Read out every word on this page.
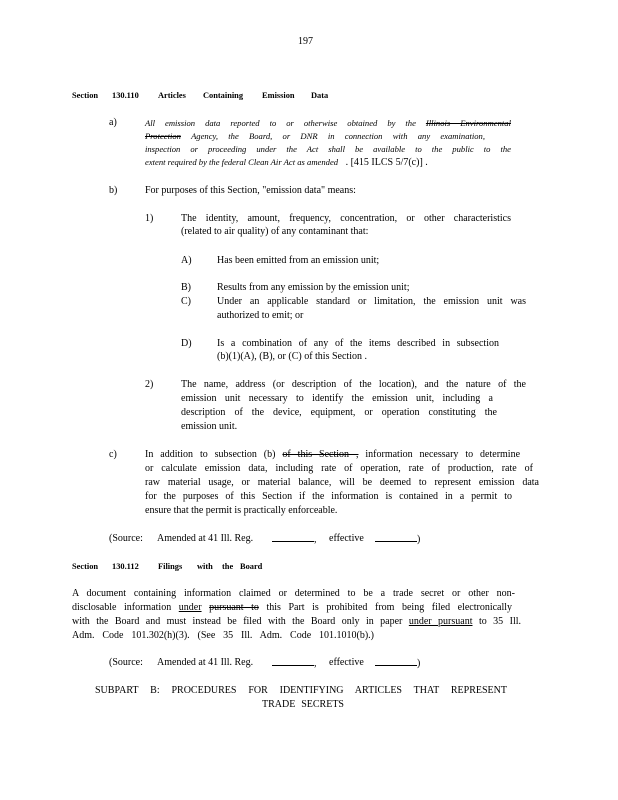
197
Section 130.110 Articles Containing Emission Data
a)	All emission data reported to or otherwise obtained by the Illinois Environmental
Protection Agency, the Board, or DNR in connection with any examination,
inspection or proceeding under the Act shall be available to the public to the
extent required by the federal Clean Air Act as amended . [415 ILCS 5/7(c)] .
b)	For purposes of this Section, "emission data" means:
1)	The identity, amount, frequency, concentration, or other characteristics
(related to air quality) of any contaminant that:
A)	Has been emitted from an emission unit;
B)	Results from any emission by the emission unit;
C)	Under an applicable standard or limitation, the emission unit was
authorized to emit; or
D)	Is a combination of any of the items described in subsection
(b)(1)(A), (B), or (C) of this Section .
2)	The name, address (or description of the location), and the nature of the
emission unit necessary to identify the emission unit, including a
description of the device, equipment, or operation constituting the
emission unit.
c)	In addition to subsection (b) of this Section , information necessary to determine
or calculate emission data, including rate of operation, rate of production, rate of
raw material usage, or material balance, will be deemed to represent emission data
for the purposes of this Section if the information is contained in a permit to
ensure that the permit is practically enforceable.
(Source: Amended at 41 Ill. Reg.	, effective	)
Section 130.112 Filings with the Board
A document containing information claimed or determined to be a trade secret or other non-
disclosable information under pursuant to this Part is prohibited from being filed electronically
with the Board and must instead be filed with the Board only in paper under pursuant to 35 Ill.
Adm. Code 101.302(h)(3). (See 35 Ill. Adm. Code 101.1010(b).)
(Source: Amended at 41 Ill. Reg.	, effective	)
SUBPART B: PROCEDURES FOR IDENTIFYING ARTICLES THAT REPRESENT
TRADE SECRETS
